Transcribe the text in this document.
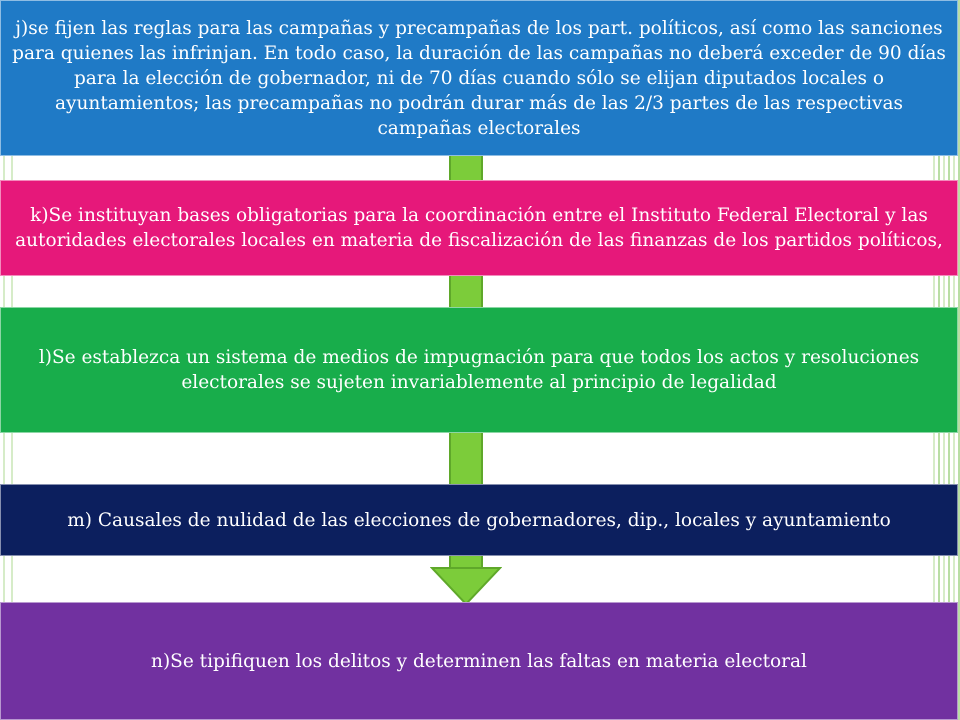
j)se fijen las reglas para las campañas y precampañas de los part. políticos, así como las sanciones para quienes las infrinjan. En todo caso, la duración de las campañas no deberá exceder de 90 días para la elección de gobernador, ni de 70 días cuando sólo se elijan diputados locales o ayuntamientos; las precampañas no podrán durar más de las 2/3 partes de las respectivas campañas electorales
k)Se instituyan bases obligatorias para la coordinación entre el Instituto Federal Electoral y las autoridades electorales locales en materia de fiscalización de las finanzas de los partidos políticos,
l)Se establezca un sistema de medios de impugnación para que todos los actos y resoluciones electorales se sujeten invariablemente al principio de legalidad
m) Causales de nulidad de las elecciones de gobernadores, dip., locales y ayuntamiento
n)Se tipifiquen los delitos y determinen las faltas en materia electoral
